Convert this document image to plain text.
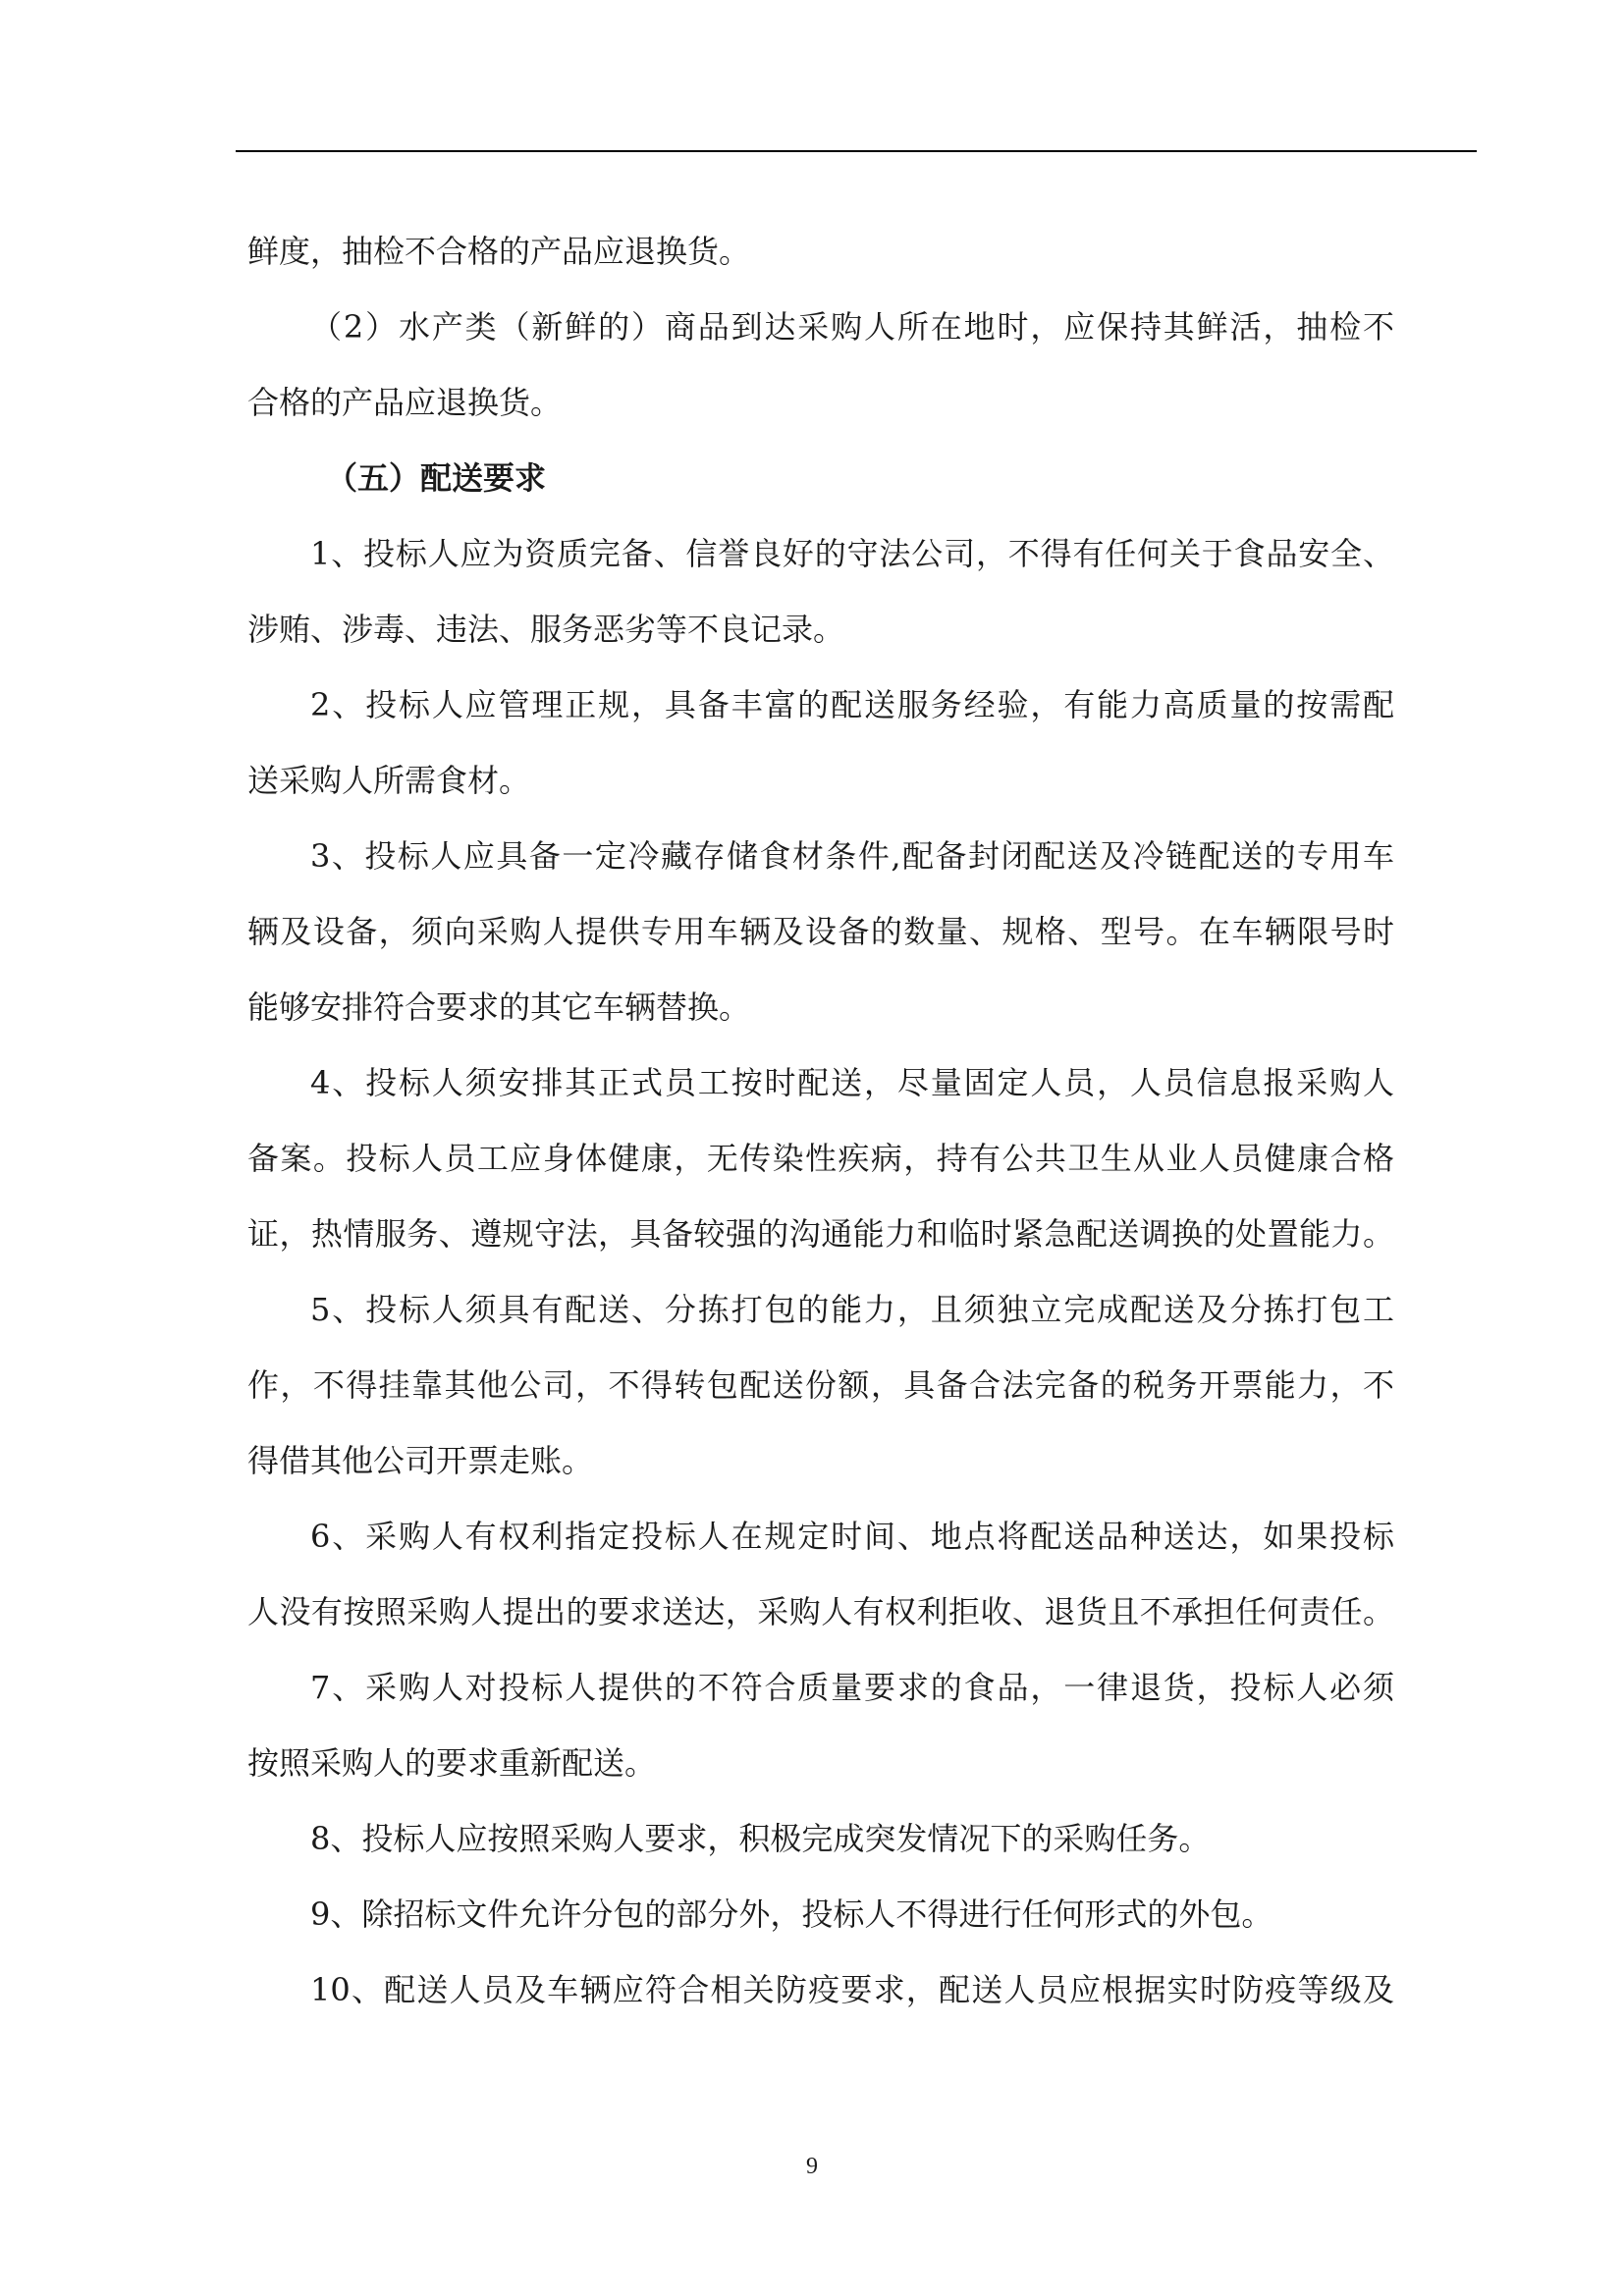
鲜度，抽检不合格的产品应退换货。

（2）水产类（新鲜的）商品到达采购人所在地时，应保持其鲜活，抽检不

合格的产品应退换货。

（五）配送要求

1、投标人应为资质完备、信誉良好的守法公司，不得有任何关于食品安全、

涉贿、涉毒、违法、服务恶劣等不良记录。

2、投标人应管理正规，具备丰富的配送服务经验，有能力高质量的按需配

送采购人所需食材。

3、投标人应具备一定冷藏存储食材条件,配备封闭配送及冷链配送的专用车

辆及设备，须向采购人提供专用车辆及设备的数量、规格、型号。在车辆限号时

能够安排符合要求的其它车辆替换。

4、投标人须安排其正式员工按时配送，尽量固定人员，人员信息报采购人

备案。投标人员工应身体健康，无传染性疾病，持有公共卫生从业人员健康合格

证，热情服务、遵规守法，具备较强的沟通能力和临时紧急配送调换的处置能力。

5、投标人须具有配送、分拣打包的能力，且须独立完成配送及分拣打包工

作，不得挂靠其他公司，不得转包配送份额，具备合法完备的税务开票能力，不

得借其他公司开票走账。

6、采购人有权利指定投标人在规定时间、地点将配送品种送达，如果投标

人没有按照采购人提出的要求送达，采购人有权利拒收、退货且不承担任何责任。

7、采购人对投标人提供的不符合质量要求的食品，一律退货，投标人必须

按照采购人的要求重新配送。

8、投标人应按照采购人要求，积极完成突发情况下的采购任务。

9、除招标文件允许分包的部分外，投标人不得进行任何形式的外包。

10、配送人员及车辆应符合相关防疫要求，配送人员应根据实时防疫等级及

9
